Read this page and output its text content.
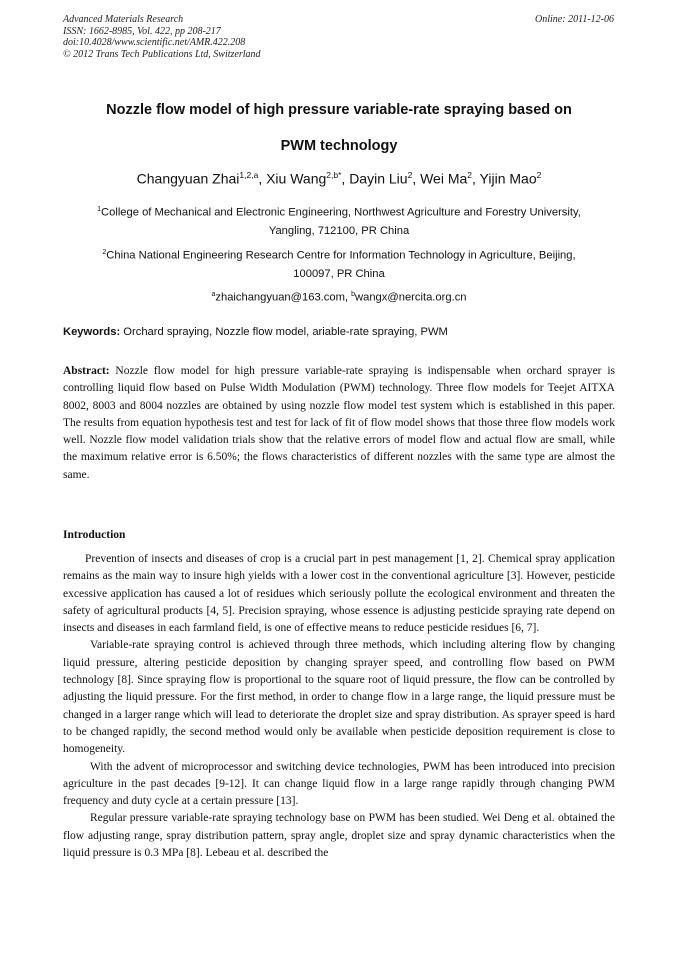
Advanced Materials Research
ISSN: 1662-8985, Vol. 422, pp 208-217
doi:10.4028/www.scientific.net/AMR.422.208
© 2012 Trans Tech Publications Ltd, Switzerland
Online: 2011-12-06
Nozzle flow model of high pressure variable-rate spraying based on
PWM technology
Changyuan Zhai$^{1,2,a}$, Xiu Wang$^{2,b*}$, Dayin Liu$^2$, Wei Ma$^2$, Yijin Mao$^2$
$^1$College of Mechanical and Electronic Engineering, Northwest Agriculture and Forestry University,
Yangling, 712100, PR China
$^2$China National Engineering Research Centre for Information Technology in Agriculture, Beijing,
100097, PR China
$^a$zhaichangyuan@163.com, $^b$wangx@nercita.org.cn
Keywords: Orchard spraying, Nozzle flow model, ariable-rate spraying, PWM

Abstract: Nozzle flow model for high pressure variable-rate spraying is indispensable when orchard sprayer is controlling liquid flow based on Pulse Width Modulation (PWM) technology. Three flow models for Teejet AITXA 8002, 8003 and 8004 nozzles are obtained by using nozzle flow model test system which is established in this paper. The results from equation hypothesis test and test for lack of fit of flow model shows that those three flow models work well. Nozzle flow model validation trials show that the relative errors of model flow and actual flow are small, while the maximum relative error is 6.50%; the flows characteristics of different nozzles with the same type are almost the same.

Introduction

Prevention of insects and diseases of crop is a crucial part in pest management [1, 2]. Chemical spray application remains as the main way to insure high yields with a lower cost in the conventional agriculture [3]. However, pesticide excessive application has caused a lot of residues which seriously pollute the ecological environment and threaten the safety of agricultural products [4, 5]. Precision spraying, whose essence is adjusting pesticide spraying rate depend on insects and diseases in each farmland field, is one of effective means to reduce pesticide residues [6, 7].

Variable-rate spraying control is achieved through three methods, which including altering flow by changing liquid pressure, altering pesticide deposition by changing sprayer speed, and controlling flow based on PWM technology [8]. Since spraying flow is proportional to the square root of liquid pressure, the flow can be controlled by adjusting the liquid pressure. For the first method, in order to change flow in a large range, the liquid pressure must be changed in a larger range which will lead to deteriorate the droplet size and spray distribution. As sprayer speed is hard to be changed rapidly, the second method would only be available when pesticide deposition requirement is close to homogeneity.

With the advent of microprocessor and switching device technologies, PWM has been introduced into precision agriculture in the past decades [9-12]. It can change liquid flow in a large range rapidly through changing PWM frequency and duty cycle at a certain pressure [13].

Regular pressure variable-rate spraying technology base on PWM has been studied. Wei Deng et al. obtained the flow adjusting range, spray distribution pattern, spray angle, droplet size and spray dynamic characteristics when the liquid pressure is 0.3 MPa [8]. Lebeau et al. described the
